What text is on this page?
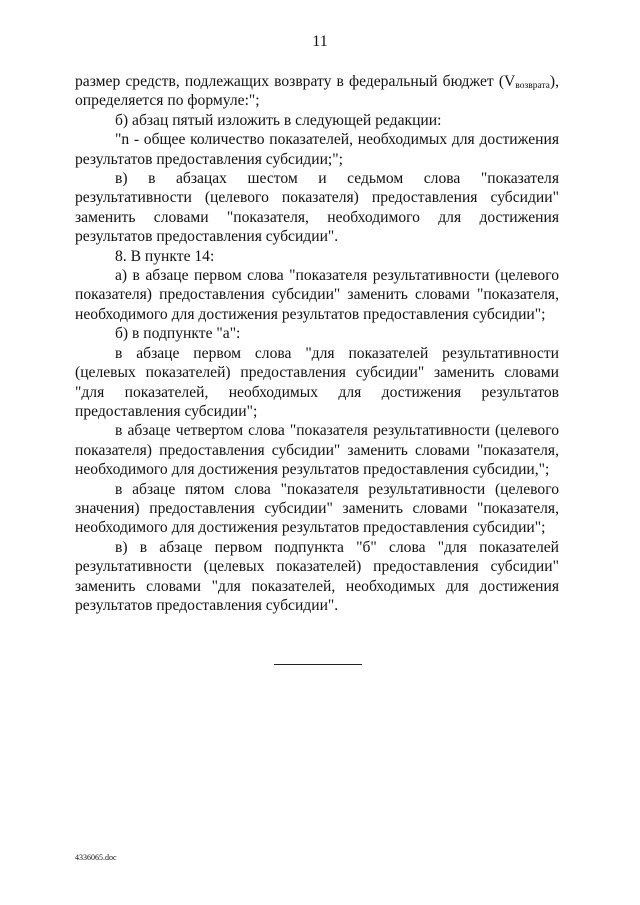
11

размер средств, подлежащих возврату в федеральный бюджет $(V_{возврата})$, определяется по формуле:";

б) абзац пятый изложить в следующей редакции:

"n - общее количество показателей, необходимых для достижения результатов предоставления субсидии;";

в) в абзацах шестом и седьмом слова "показателя результативности (целевого показателя) предоставления субсидии" заменить словами "показателя, необходимого для достижения результатов предоставления субсидии".

8. В пункте 14:

а) в абзаце первом слова "показателя результативности (целевого показателя) предоставления субсидии" заменить словами "показателя, необходимого для достижения результатов предоставления субсидии";

б) в подпункте "а":

в абзаце первом слова "для показателей результативности (целевых показателей) предоставления субсидии" заменить словами "для показателей, необходимых для достижения результатов предоставления субсидии";

в абзаце четвертом слова "показателя результативности (целевого показателя) предоставления субсидии" заменить словами "показателя, необходимого для достижения результатов предоставления субсидии,";

в абзаце пятом слова "показателя результативности (целевого значения) предоставления субсидии" заменить словами "показателя, необходимого для достижения результатов предоставления субсидии";

в) в абзаце первом подпункта "б" слова "для показателей результативности (целевых показателей) предоставления субсидии" заменить словами "для показателей, необходимых для достижения результатов предоставления субсидии".

4336065.doc
